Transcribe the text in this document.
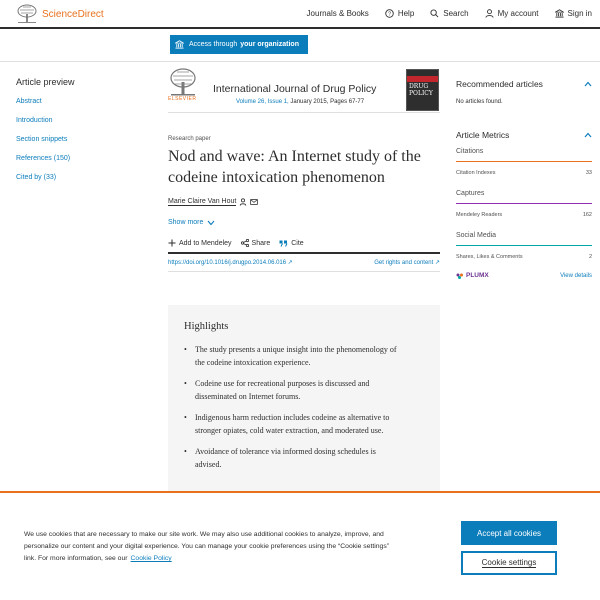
ScienceDirect	Journals & Books	? Help	Search	My account	Sign in
Access through your organization
Article preview
Abstract
Introduction
Section snippets
References (150)
Cited by (33)
ELSEVIER
International Journal of Drug Policy
Volume 26, Issue 1, January 2015, Pages 67-77
DRUG
POLICY
Research paper
Nod and wave: An Internet study of the codeine intoxication phenomenon
Marie Claire Van Hout
Show more
Add to Mendeley	Share	Cite
https://doi.org/10.1016/j.drugpo.2014.06.016 ↗	Get rights and content ↗
Highlights
•	The study presents a unique insight into the phenomenology of the codeine intoxication experience.
•	Codeine use for recreational purposes is discussed and disseminated on Internet forums.
•	Indigenous harm reduction includes codeine as alternative to stronger opiates, cold water extraction, and moderated use.
•	Avoidance of tolerance via informed dosing schedules is advised.
Recommended articles
No articles found.
Article Metrics
Citations
Citation Indexes	33
Captures
Mendeley Readers	162
Social Media
Shares, Likes & Comments	2
PLUMX	View details
We use cookies that are necessary to make our site work. We may also use additional cookies to analyze, improve, and personalize our content and your digital experience. You can manage your cookie preferences using the “Cookie settings” link. For more information, see our Cookie Policy
Accept all cookies
Cookie settings
